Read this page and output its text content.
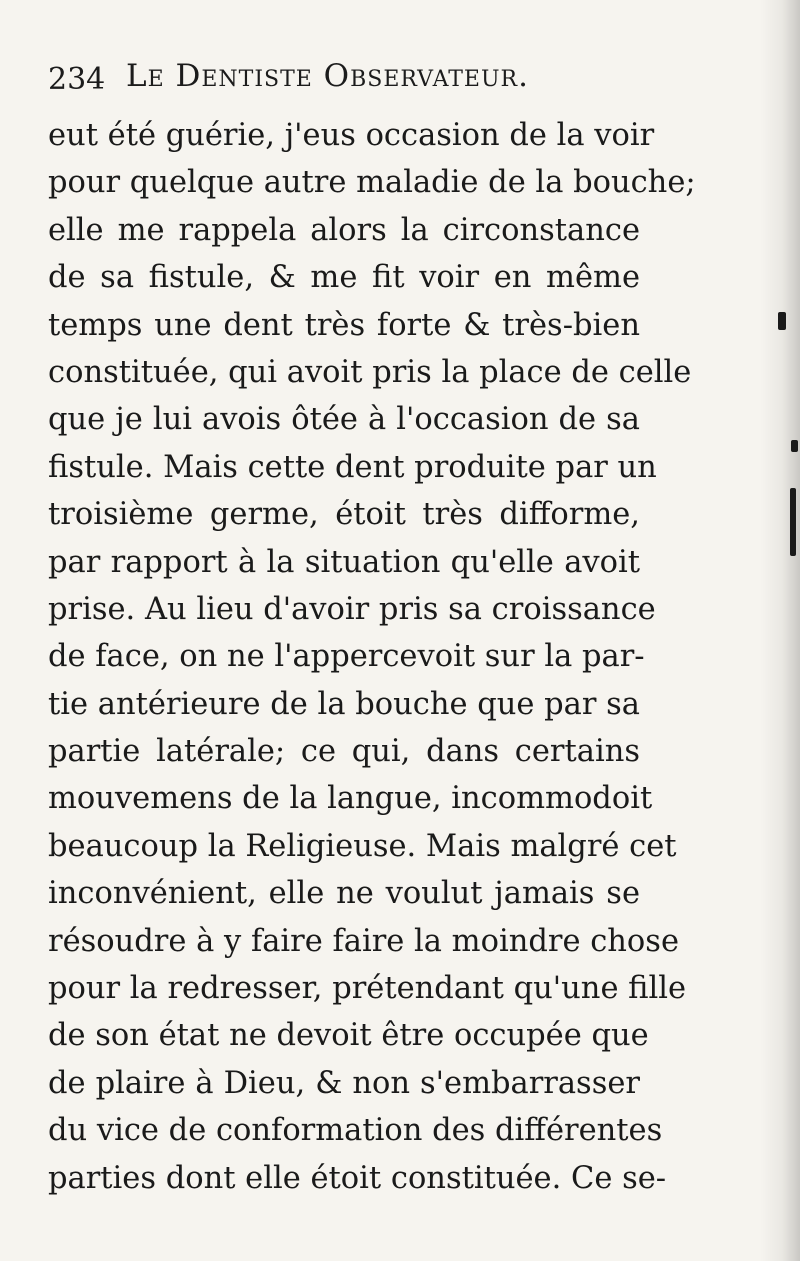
234 Le Dentiste Observateur.
eut été guérie, j'eus occasion de la voir
pour quelque autre maladie de la bouche;
elle me rappela alors la circonstance
de sa fistule, & me fit voir en même
temps une dent très forte & très-bien
constituée, qui avoit pris la place de celle
que je lui avois ôtée à l'occasion de sa
fistule. Mais cette dent produite par un
troisième germe, étoit très difforme,
par rapport à la situation qu'elle avoit
prise. Au lieu d'avoir pris sa croissance
de face, on ne l'appercevoit sur la par-
tie antérieure de la bouche que par sa
partie latérale; ce qui, dans certains
mouvemens de la langue, incommodoit
beaucoup la Religieuse. Mais malgré cet
inconvénient, elle ne voulut jamais se
résoudre à y faire faire la moindre chose
pour la redresser, prétendant qu'une fille
de son état ne devoit être occupée que
de plaire à Dieu, & non s'embarrasser
du vice de conformation des différentes
parties dont elle étoit constituée. Ce se-
